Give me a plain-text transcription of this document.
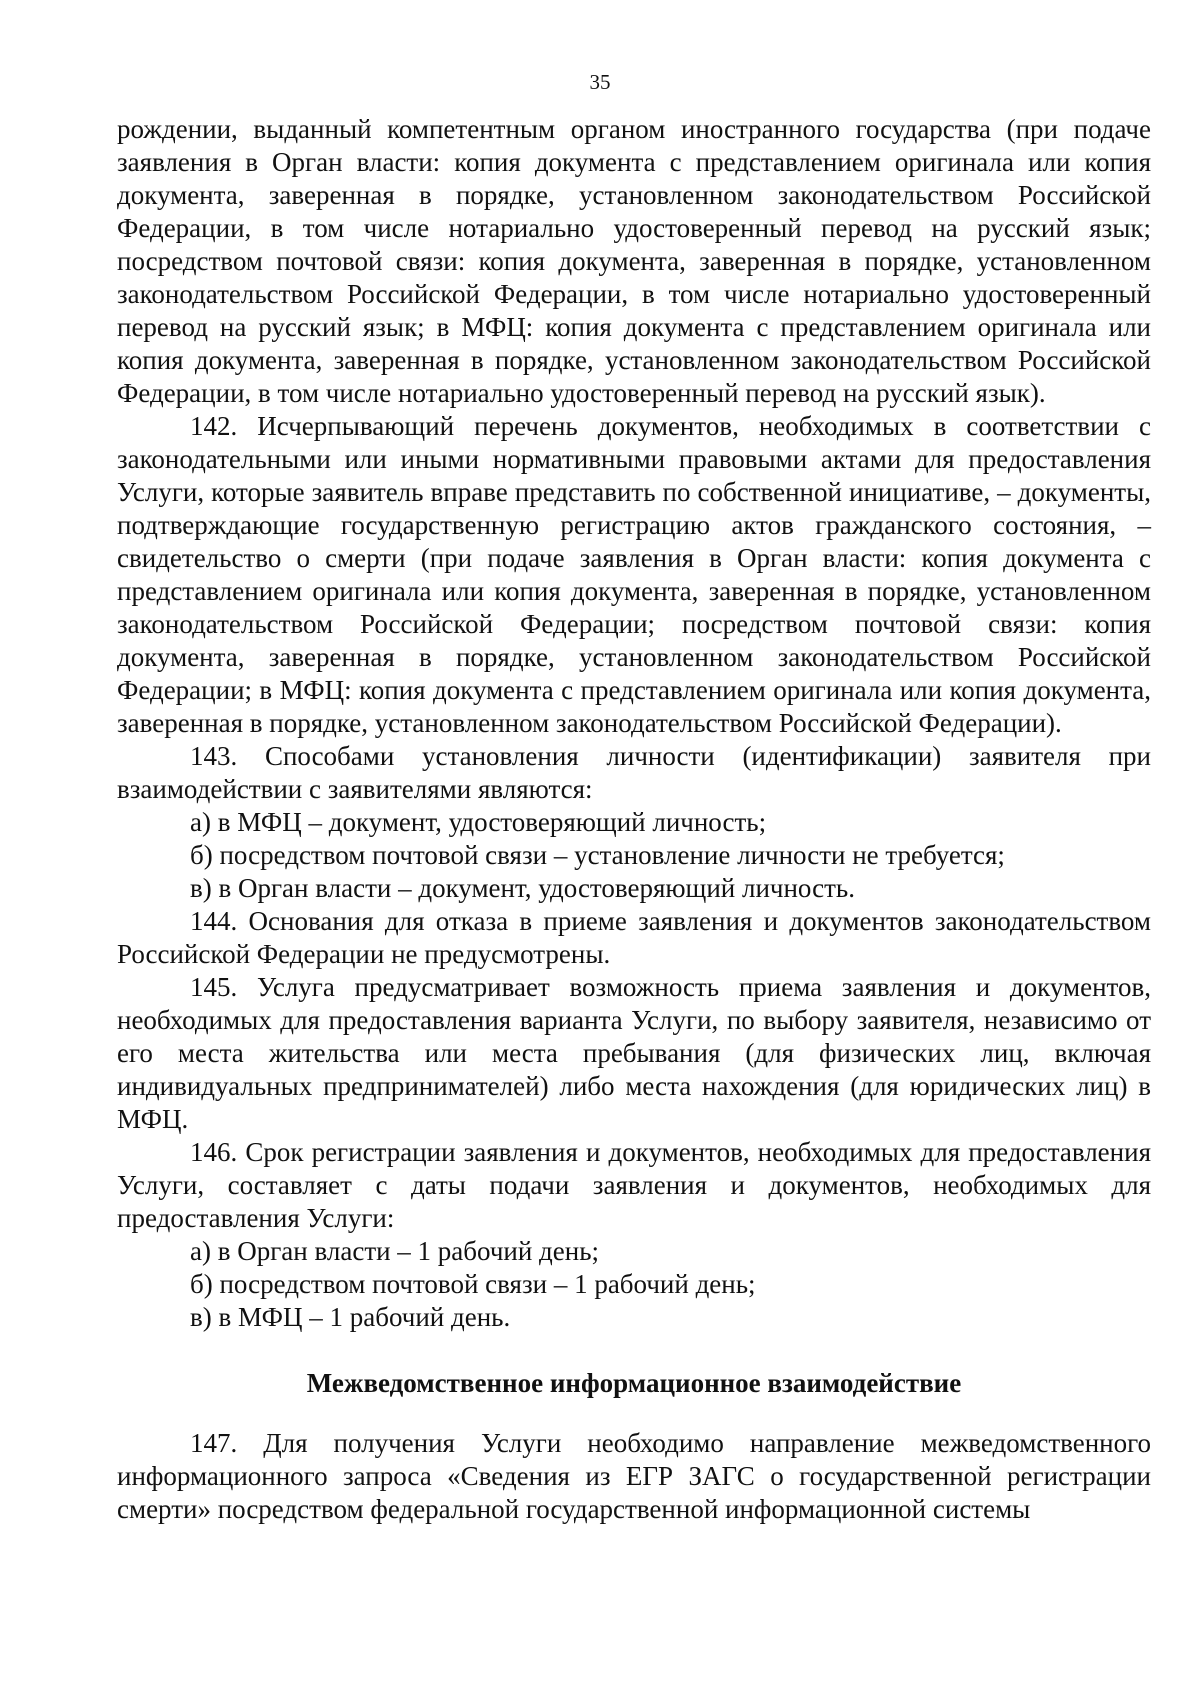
35

рождении, выданный компетентным органом иностранного государства (при подаче заявления в Орган власти: копия документа с представлением оригинала или копия документа, заверенная в порядке, установленном законодательством Российской Федерации, в том числе нотариально удостоверенный перевод на русский язык; посредством почтовой связи: копия документа, заверенная в порядке, установленном законодательством Российской Федерации, в том числе нотариально удостоверенный перевод на русский язык; в МФЦ: копия документа с представлением оригинала или копия документа, заверенная в порядке, установленном законодательством Российской Федерации, в том числе нотариально удостоверенный перевод на русский язык).

142. Исчерпывающий перечень документов, необходимых в соответствии с законодательными или иными нормативными правовыми актами для предоставления Услуги, которые заявитель вправе представить по собственной инициативе, – документы, подтверждающие государственную регистрацию актов гражданского состояния, – свидетельство о смерти (при подаче заявления в Орган власти: копия документа с представлением оригинала или копия документа, заверенная в порядке, установленном законодательством Российской Федерации; посредством почтовой связи: копия документа, заверенная в порядке, установленном законодательством Российской Федерации; в МФЦ: копия документа с представлением оригинала или копия документа, заверенная в порядке, установленном законодательством Российской Федерации).

143. Способами установления личности (идентификации) заявителя при взаимодействии с заявителями являются:

а) в МФЦ – документ, удостоверяющий личность;

б) посредством почтовой связи – установление личности не требуется;

в) в Орган власти – документ, удостоверяющий личность.

144. Основания для отказа в приеме заявления и документов законодательством Российской Федерации не предусмотрены.

145. Услуга предусматривает возможность приема заявления и документов, необходимых для предоставления варианта Услуги, по выбору заявителя, независимо от его места жительства или места пребывания (для физических лиц, включая индивидуальных предпринимателей) либо места нахождения (для юридических лиц) в МФЦ.

146. Срок регистрации заявления и документов, необходимых для предоставления Услуги, составляет с даты подачи заявления и документов, необходимых для предоставления Услуги:

а) в Орган власти – 1 рабочий день;

б) посредством почтовой связи – 1 рабочий день;

в) в МФЦ – 1 рабочий день.

Межведомственное информационное взаимодействие

147. Для получения Услуги необходимо направление межведомственного информационного запроса «Сведения из ЕГР ЗАГС о государственной регистрации смерти» посредством федеральной государственной информационной системы
